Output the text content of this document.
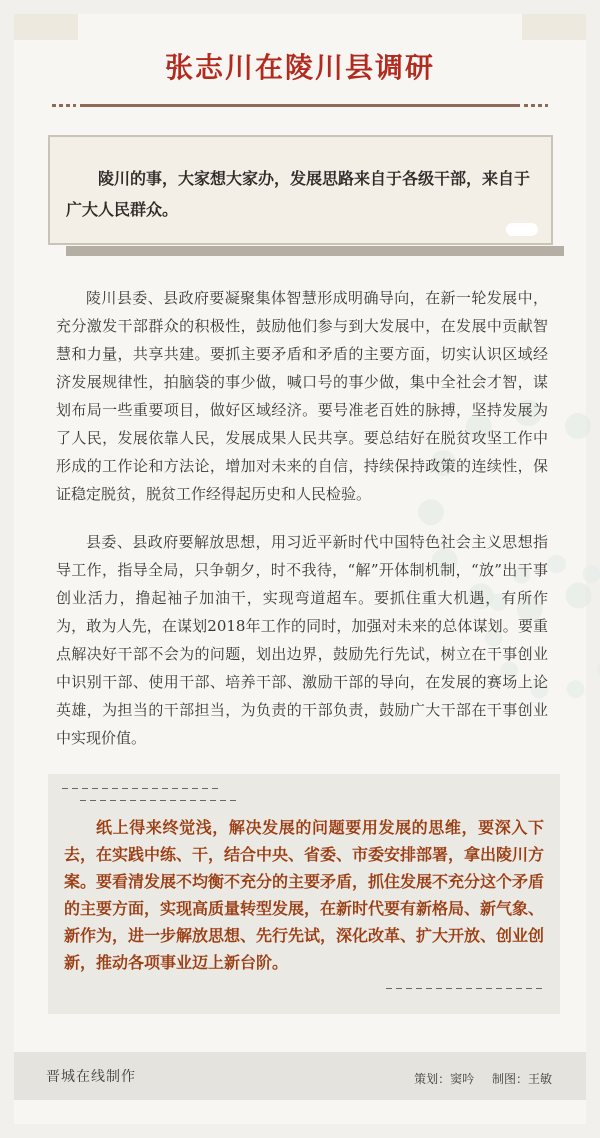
张志川在陵川县调研
陵川的事，大家想大家办，发展思路来自于各级干部，来自于广大人民群众。
陵川县委、县政府要凝聚集体智慧形成明确导向，在新一轮发展中，充分激发干部群众的积极性，鼓励他们参与到大发展中，在发展中贡献智慧和力量，共享共建。要抓主要矛盾和矛盾的主要方面，切实认识区域经济发展规律性，拍脑袋的事少做，喊口号的事少做，集中全社会才智，谋划布局一些重要项目，做好区域经济。要号准老百姓的脉搏，坚持发展为了人民，发展依靠人民，发展成果人民共享。要总结好在脱贫攻坚工作中形成的工作论和方法论，增加对未来的自信，持续保持政策的连续性，保证稳定脱贫，脱贫工作经得起历史和人民检验。
县委、县政府要解放思想，用习近平新时代中国特色社会主义思想指导工作，指导全局，只争朝夕，时不我待，“解”开体制机制，“放”出干事创业活力，撸起袖子加油干，实现弯道超车。要抓住重大机遇，有所作为，敢为人先，在谋划2018年工作的同时，加强对未来的总体谋划。要重点解决好干部不会为的问题，划出边界，鼓励先行先试，树立在干事创业中识别干部、使用干部、培养干部、激励干部的导向，在发展的赛场上论英雄，为担当的干部担当，为负责的干部负责，鼓励广大干部在干事创业中实现价值。
纸上得来终觉浅，解决发展的问题要用发展的思维，要深入下去，在实践中练、干，结合中央、省委、市委安排部署，拿出陵川方案。要看清发展不均衡不充分的主要矛盾，抓住发展不充分这个矛盾的主要方面，实现高质量转型发展，在新时代要有新格局、新气象、新作为，进一步解放思想、先行先试，深化改革、扩大开放、创业创新，推动各项事业迈上新台阶。
晋城在线制作	策划：窦吟 制图：王敏
